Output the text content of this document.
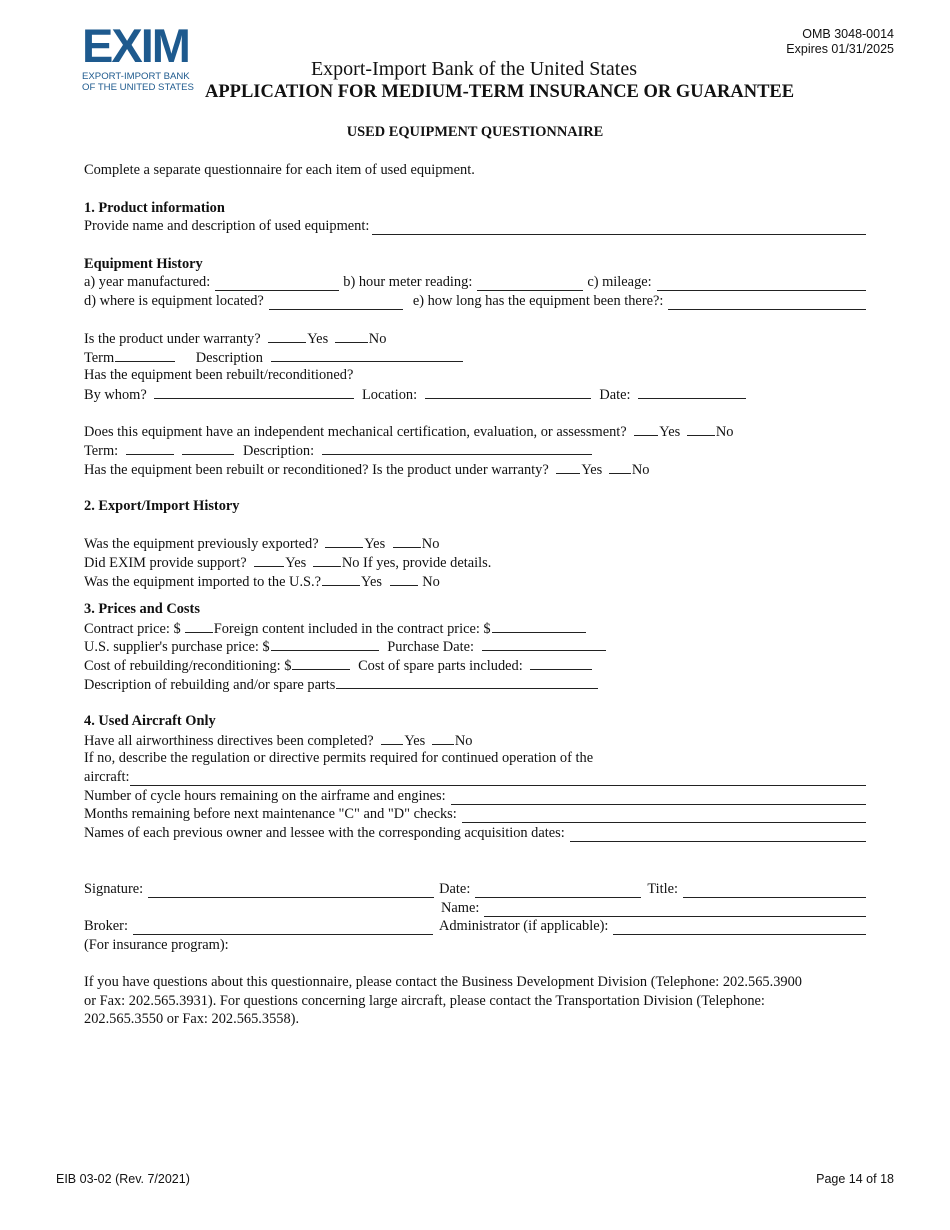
EXIM
EXPORT-IMPORT BANK
OF THE UNITED STATES
OMB 3048-0014
Expires 01/31/2025
Export-Import Bank of the United States
APPLICATION FOR MEDIUM-TERM INSURANCE OR GUARANTEE
USED EQUIPMENT QUESTIONNAIRE
Complete a separate questionnaire for each item of used equipment.
1. Product information
Provide name and description of used equipment:
Equipment History
a) year manufactured:	b) hour meter reading:	c) mileage:
d) where is equipment located?	e) how long has the equipment been there?:
Is the product under warranty?	Yes	No
Term	Description
Has the equipment been rebuilt/reconditioned?
By whom?	Location:	Date:
Does this equipment have an independent mechanical certification, evaluation, or assessment? Yes No
Term:	Description:
Has the equipment been rebuilt or reconditioned? Is the product under warranty? Yes No
2. Export/Import History
Was the equipment previously exported?	Yes	No
Did EXIM provide support?	Yes No If yes, provide details.
Was the equipment imported to the U.S.?	Yes	No
3. Prices and Costs
Contract price: $ Foreign content included in the contract price: $
U.S. supplier's purchase price: $	Purchase Date:
Cost of rebuilding/reconditioning: $	Cost of spare parts included:
Description of rebuilding and/or spare parts
4. Used Aircraft Only
Have all airworthiness directives been completed? Yes No
If no, describe the regulation or directive permits required for continued operation of the
aircraft:
Number of cycle hours remaining on the airframe and engines:
Months remaining before next maintenance "C" and "D" checks:
Names of each previous owner and lessee with the corresponding acquisition dates:
Signature:	Date:	Title:
Name:
Broker:	Administrator (if applicable):
(For insurance program):
If you have questions about this questionnaire, please contact the Business Development Division (Telephone: 202.565.3900
or Fax: 202.565.3931). For questions concerning large aircraft, please contact the Transportation Division (Telephone:
202.565.3550 or Fax: 202.565.3558).
EIB 03-02 (Rev. 7/2021)	Page 14 of 18
